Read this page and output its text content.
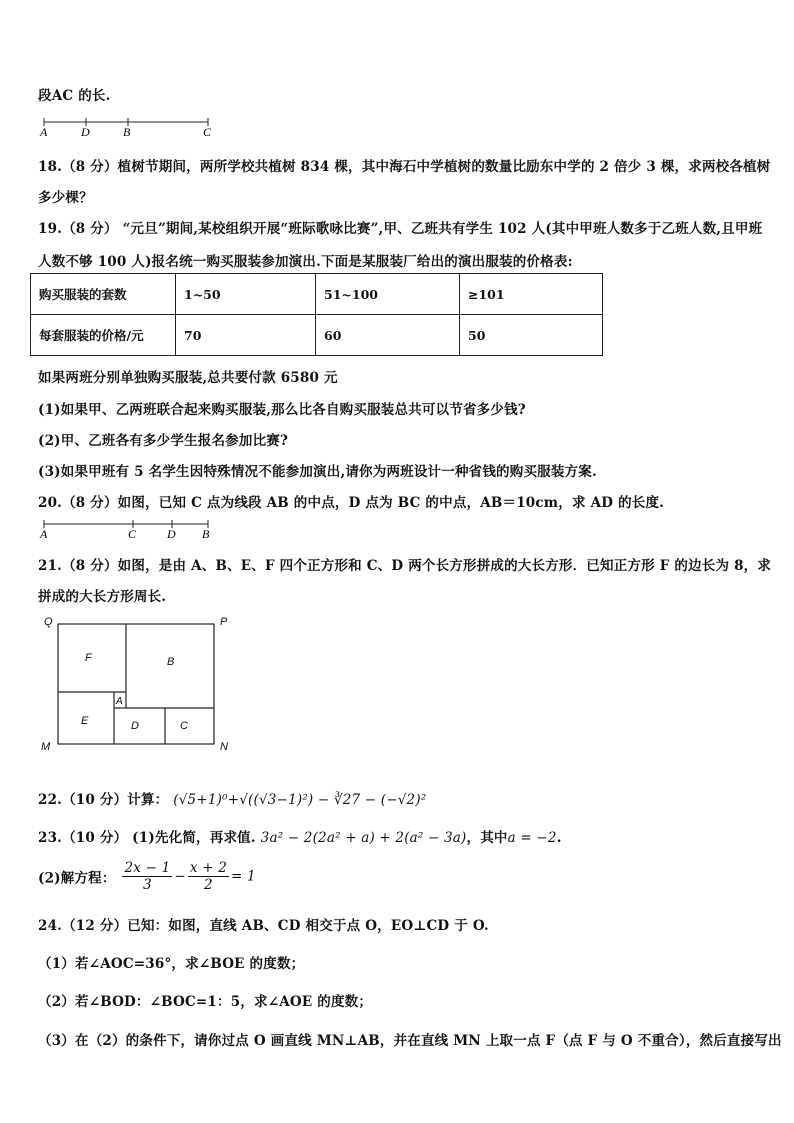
段AC 的长.
A	D	B	C
18.（8 分）植树节期间，两所学校共植树 834 棵，其中海石中学植树的数量比励东中学的 2 倍少 3 棵，求两校各植树
多少棵？
19.（8 分） “元旦”期间,某校组织开展“班际歌咏比赛”,甲、乙班共有学生 102 人(其中甲班人数多于乙班人数,且甲班
人数不够 100 人)报名统一购买服装参加演出.下面是某服装厂给出的演出服装的价格表:
购买服装的套数	1~50	51~100	≥101
每套服装的价格/元	70	60	50
如果两班分别单独购买服装,总共要付款 6580 元
(1)如果甲、乙两班联合起来购买服装,那么比各自购买服装总共可以节省多少钱?
(2)甲、乙班各有多少学生报名参加比赛?
(3)如果甲班有 5 名学生因特殊情况不能参加演出,请你为两班设计一种省钱的购买服装方案.
20.（8 分）如图，已知 C 点为线段 AB 的中点，D 点为 BC 的中点，AB＝10cm，求 AD 的长度.
A	C	D B
21.（8 分）如图，是由 A、B、E、F 四个正方形和 C、D 两个长方形拼成的大长方形．已知正方形 F 的边长为 8，求
拼成的大长方形周长.
Q	P
M	N
F	B
A
E	D	C
22.（10 分）计算： (√5+1)⁰+√((√3−1)²) − ∛27 − (−√2)²
23.（10 分） (1)先化简，再求值. 3a² − 2(2a² + a) + 2(a² − 3a)，其中a = −2.
(2)解方程： $\frac{2x - 1}{3} - \frac{x + 2}{2} = 1$
24.（12 分）已知：如图，直线 AB、CD 相交于点 O，EO⊥CD 于 O.
（1）若∠AOC=36°，求∠BOE 的度数；
（2）若∠BOD：∠BOC=1：5，求∠AOE 的度数；
（3）在（2）的条件下，请你过点 O 画直线 MN⊥AB，并在直线 MN 上取一点 F（点 F 与 O 不重合），然后直接写出
